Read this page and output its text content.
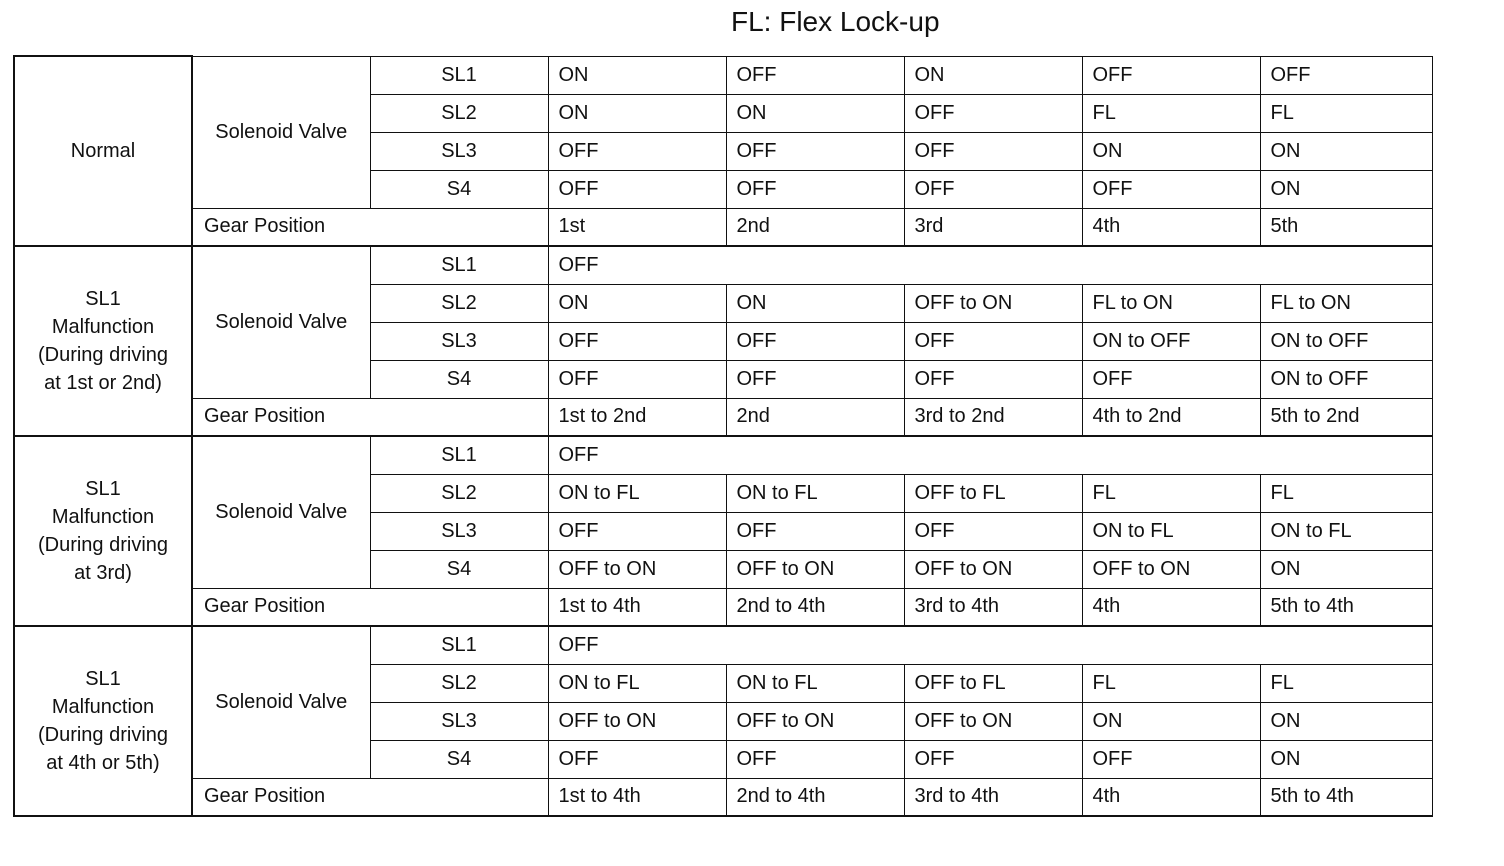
FL: Flex Lock-up
Normal	Solenoid Valve	SL1	ON	OFF	ON	OFF	OFF
		SL2	ON	ON	OFF	FL	FL
		SL3	OFF	OFF	OFF	ON	ON
		S4	OFF	OFF	OFF	OFF	ON
	Gear Position		1st	2nd	3rd	4th	5th

SL1
Malfunction
(During driving
at 1st or 2nd)	Solenoid Valve	SL1	OFF				
		SL2	ON	ON	OFF to ON	FL to ON	FL to ON
		SL3	OFF	OFF	OFF	ON to OFF	ON to OFF
		S4	OFF	OFF	OFF	OFF	ON to OFF
	Gear Position		1st to 2nd	2nd	3rd to 2nd	4th to 2nd	5th to 2nd

SL1
Malfunction
(During driving
at 3rd)	Solenoid Valve	SL1	OFF				
		SL2	ON to FL	ON to FL	OFF to FL	FL	FL
		SL3	OFF	OFF	OFF	ON to FL	ON to FL
		S4	OFF to ON	OFF to ON	OFF to ON	OFF to ON	ON
	Gear Position		1st to 4th	2nd to 4th	3rd to 4th	4th	5th to 4th

SL1
Malfunction
(During driving
at 4th or 5th)	Solenoid Valve	SL1	OFF				
		SL2	ON to FL	ON to FL	OFF to FL	FL	FL
		SL3	OFF to ON	OFF to ON	OFF to ON	ON	ON
		S4	OFF	OFF	OFF	OFF	ON
	Gear Position		1st to 4th	2nd to 4th	3rd to 4th	4th	5th to 4th
